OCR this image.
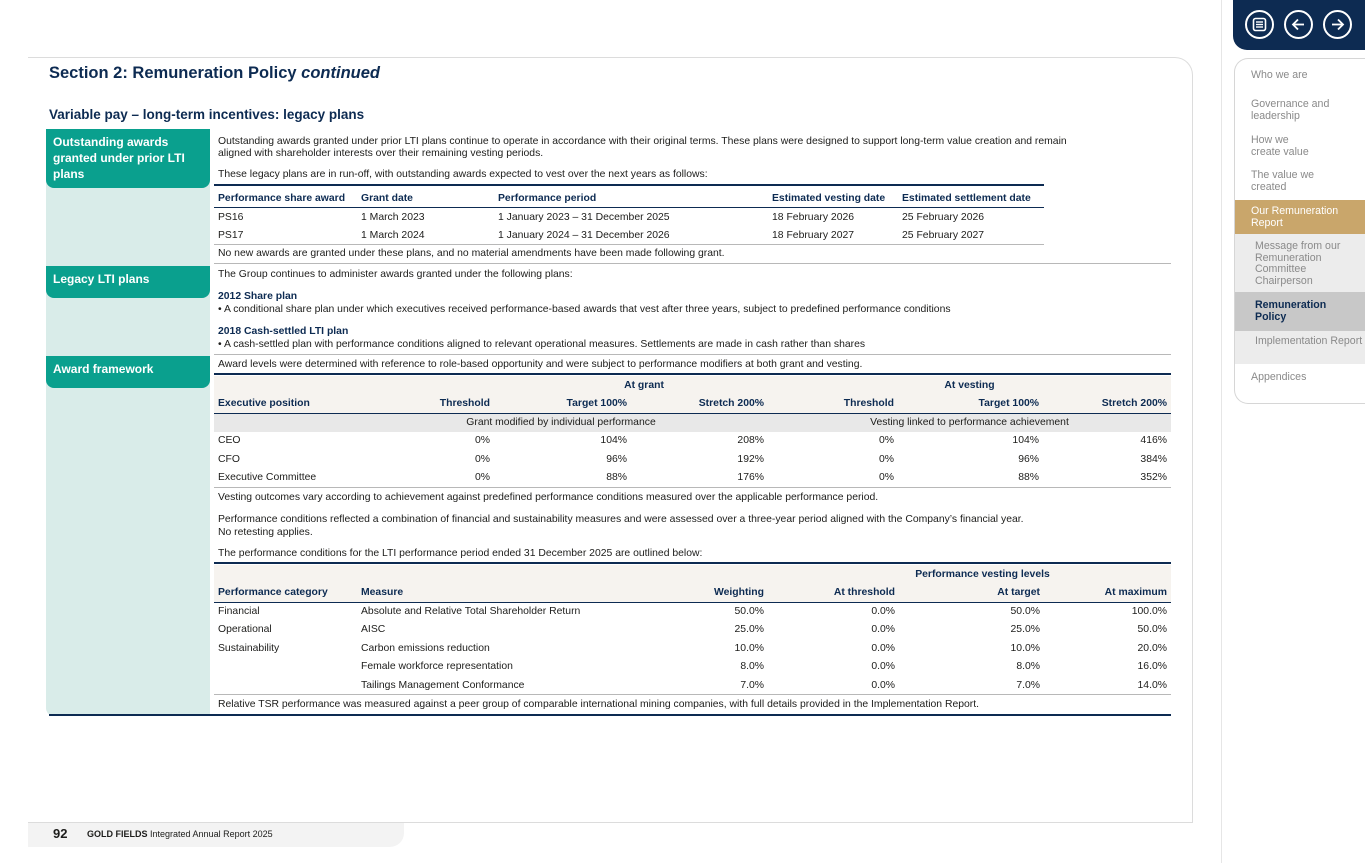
Section 2: Remuneration Policy continued
Variable pay – long-term incentives: legacy plans
Outstanding awards granted under prior LTI plans
Outstanding awards granted under prior LTI plans continue to operate in accordance with their original terms. These plans were designed to support long-term value creation and remain
aligned with shareholder interests over their remaining vesting periods.
These legacy plans are in run-off, with outstanding awards expected to vest over the next years as follows:
Performance share award	Grant date	Performance period	Estimated vesting date	Estimated settlement date
PS16	1 March 2023	1 January 2023 – 31 December 2025	18 February 2026	25 February 2026
PS17	1 March 2024	1 January 2024 – 31 December 2026	18 February 2027	25 February 2027
No new awards are granted under these plans, and no material amendments have been made following grant.
Legacy LTI plans	The Group continues to administer awards granted under the following plans:
2012 Share plan
• A conditional share plan under which executives received performance-based awards that vest after three years, subject to predefined performance conditions
2018 Cash-settled LTI plan
• A cash-settled plan with performance conditions aligned to relevant operational measures. Settlements are made in cash rather than shares
Award framework	Award levels were determined with reference to role-based opportunity and were subject to performance modifiers at both grant and vesting.
	At grant			At vesting		
Executive position	Threshold	Target 100%	Stretch 200%	Threshold	Target 100%	Stretch 200%
	Grant modified by individual performance			Vesting linked to performance achievement		
CEO	0%	104%	208%	0%	104%	416%
CFO	0%	96%	192%	0%	96%	384%
Executive Committee	0%	88%	176%	0%	88%	352%
Vesting outcomes vary according to achievement against predefined performance conditions measured over the applicable performance period.
Performance conditions reflected a combination of financial and sustainability measures and were assessed over a three-year period aligned with the Company’s financial year.
No retesting applies.
The performance conditions for the LTI performance period ended 31 December 2025 are outlined below:
			Performance vesting levels		
Performance category	Measure	Weighting	At threshold	At target	At maximum
Financial	Absolute and Relative Total Shareholder Return	50.0%	0.0%	50.0%	100.0%
Operational	AISC	25.0%	0.0%	25.0%	50.0%
Sustainability	Carbon emissions reduction	10.0%	0.0%	10.0%	20.0%
	Female workforce representation	8.0%	0.0%	8.0%	16.0%
	Tailings Management Conformance	7.0%	0.0%	7.0%	14.0%
Relative TSR performance was measured against a peer group of comparable international mining companies, with full details provided in the Implementation Report.
92 GOLD FIELDS Integrated Annual Report 2025
Who we are
Governance and leadership
How we create value
The value we created
Our Remuneration Report
Message from our Remuneration Committee Chairperson
Remuneration Policy
Implementation Report
Appendices
